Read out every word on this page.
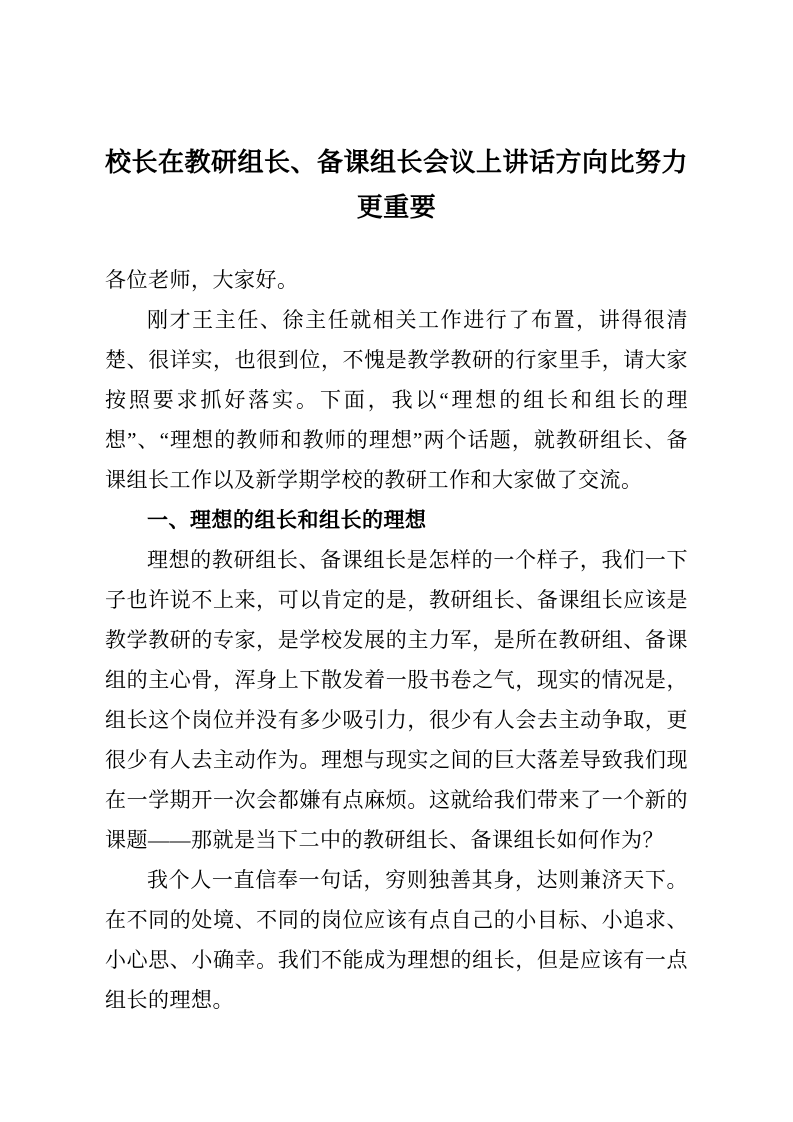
校长在教研组长、备课组长会议上讲话方向比努力
更重要

各位老师，大家好。

刚才王主任、徐主任就相关工作进行了布置，讲得很清楚、很详实，也很到位，不愧是教学教研的行家里手，请大家按照要求抓好落实。下面，我以“理想的组长和组长的理想”、“理想的教师和教师的理想”两个话题，就教研组长、备课组长工作以及新学期学校的教研工作和大家做了交流。

一、理想的组长和组长的理想

理想的教研组长、备课组长是怎样的一个样子，我们一下子也许说不上来，可以肯定的是，教研组长、备课组长应该是教学教研的专家，是学校发展的主力军，是所在教研组、备课组的主心骨，浑身上下散发着一股书卷之气，现实的情况是，组长这个岗位并没有多少吸引力，很少有人会去主动争取，更很少有人去主动作为。理想与现实之间的巨大落差导致我们现在一学期开一次会都嫌有点麻烦。这就给我们带来了一个新的课题——那就是当下二中的教研组长、备课组长如何作为？

我个人一直信奉一句话，穷则独善其身，达则兼济天下。在不同的处境、不同的岗位应该有点自己的小目标、小追求、小心思、小确幸。我们不能成为理想的组长，但是应该有一点组长的理想。
